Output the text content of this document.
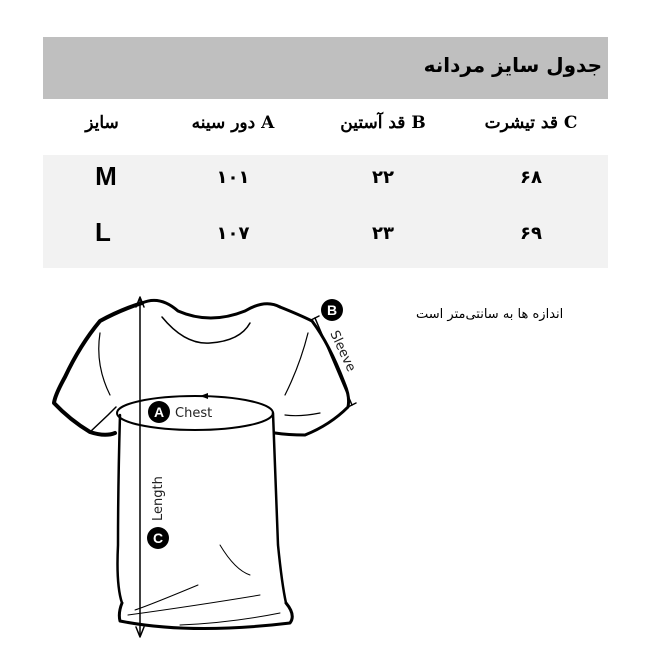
جدول سایز مردانه
سایز	A دور سینه	B قد آستین	C قد تیشرت
M	۱۰۱	۲۲	۶۸
L	۱۰۷	۲۳	۶۹
اندازه ها به سانتی‌متر است
A Chest
B
Sleeve
C
Length
